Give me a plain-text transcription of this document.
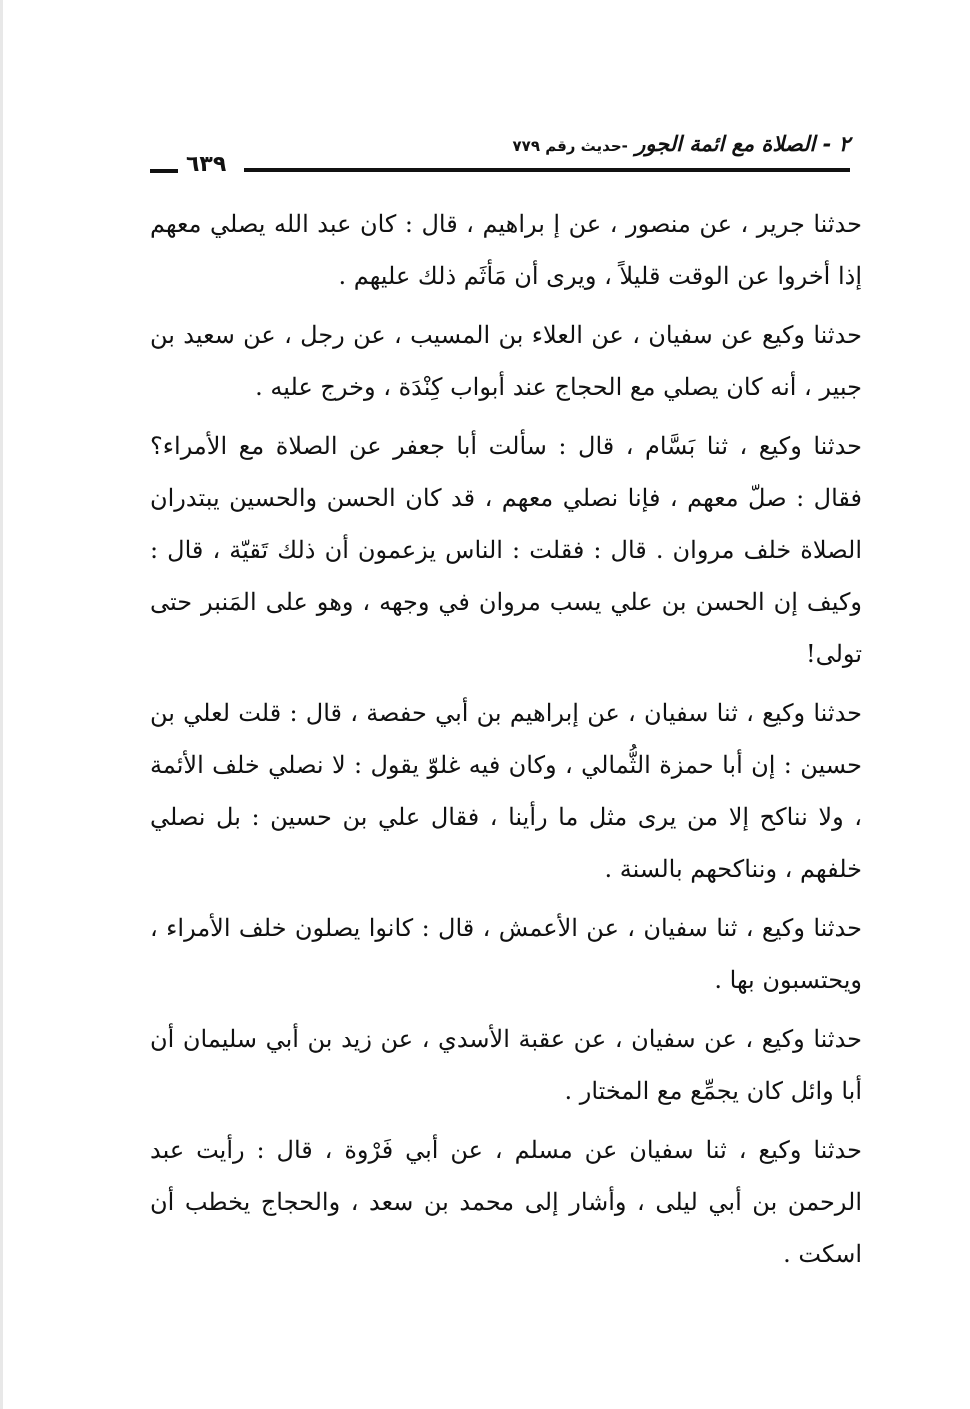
٢ - الصلاة مع ائمة الجور -حديث رقم ٧٧٩
٦٣٩

حدثنا جرير ، عن منصور ، عن إ براهيم ، قال : كان عبد الله يصلي معهم إذا أخروا عن الوقت قليلاً ، ويرى أن مَأثَم ذلك عليهم .

حدثنا وكيع عن سفيان ، عن العلاء بن المسيب ، عن رجل ، عن سعيد بن جبير ، أنه كان يصلي مع الحجاج عند أبواب كِنْدَة ، وخرج عليه .

حدثنا وكيع ، ثنا بَسَّام ، قال : سألت أبا جعفر عن الصلاة مع الأمراء؟ فقال : صلّ معهم ، فإنا نصلي معهم ، قد كان الحسن والحسين يبتدران الصلاة خلف مروان . قال : فقلت : الناس يزعمون أن ذلك تَقيّة ، قال : وكيف إن الحسن بن علي يسب مروان في وجهه ، وهو على المَنبر حتى تولى!

حدثنا وكيع ، ثنا سفيان ، عن إبراهيم بن أبي حفصة ، قال : قلت لعلي بن حسين : إن أبا حمزة الثُّمالي ، وكان فيه غلوّ يقول : لا نصلي خلف الأئمة ، ولا نناكح إلا من يرى مثل ما رأينا ، فقال علي بن حسين : بل نصلي خلفهم ، ونناكحهم بالسنة .

حدثنا وكيع ، ثنا سفيان ، عن الأعمش ، قال : كانوا يصلون خلف الأمراء ، ويحتسبون بها .

حدثنا وكيع ، عن سفيان ، عن عقبة الأسدي ، عن زيد بن أبي سليمان أن أبا وائل كان يجمِّع مع المختار .

حدثنا وكيع ، ثنا سفيان عن مسلم ، عن أبي فَرْوة ، قال : رأيت عبد الرحمن بن أبي ليلى ، وأشار إلى محمد بن سعد ، والحجاج يخطب أن اسكت .
